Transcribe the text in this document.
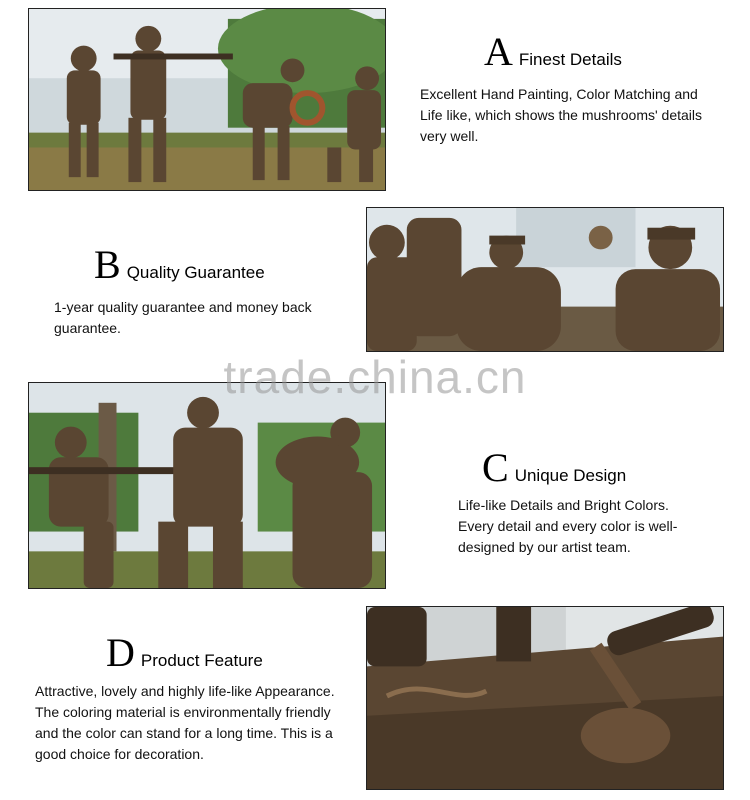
A Finest Details
Excellent Hand Painting, Color Matching and Life like, which shows the mushrooms' details very well.
B Quality Guarantee
1-year quality guarantee and money back guarantee.
C Unique Design
Life-like Details and Bright Colors. Every detail and every color is well-designed by our artist team.
D Product Feature
Attractive, lovely and highly life-like Appearance. The coloring material is environmentally friendly and the color can stand for a long time. This is a good choice for decoration.
trade.china.cn
